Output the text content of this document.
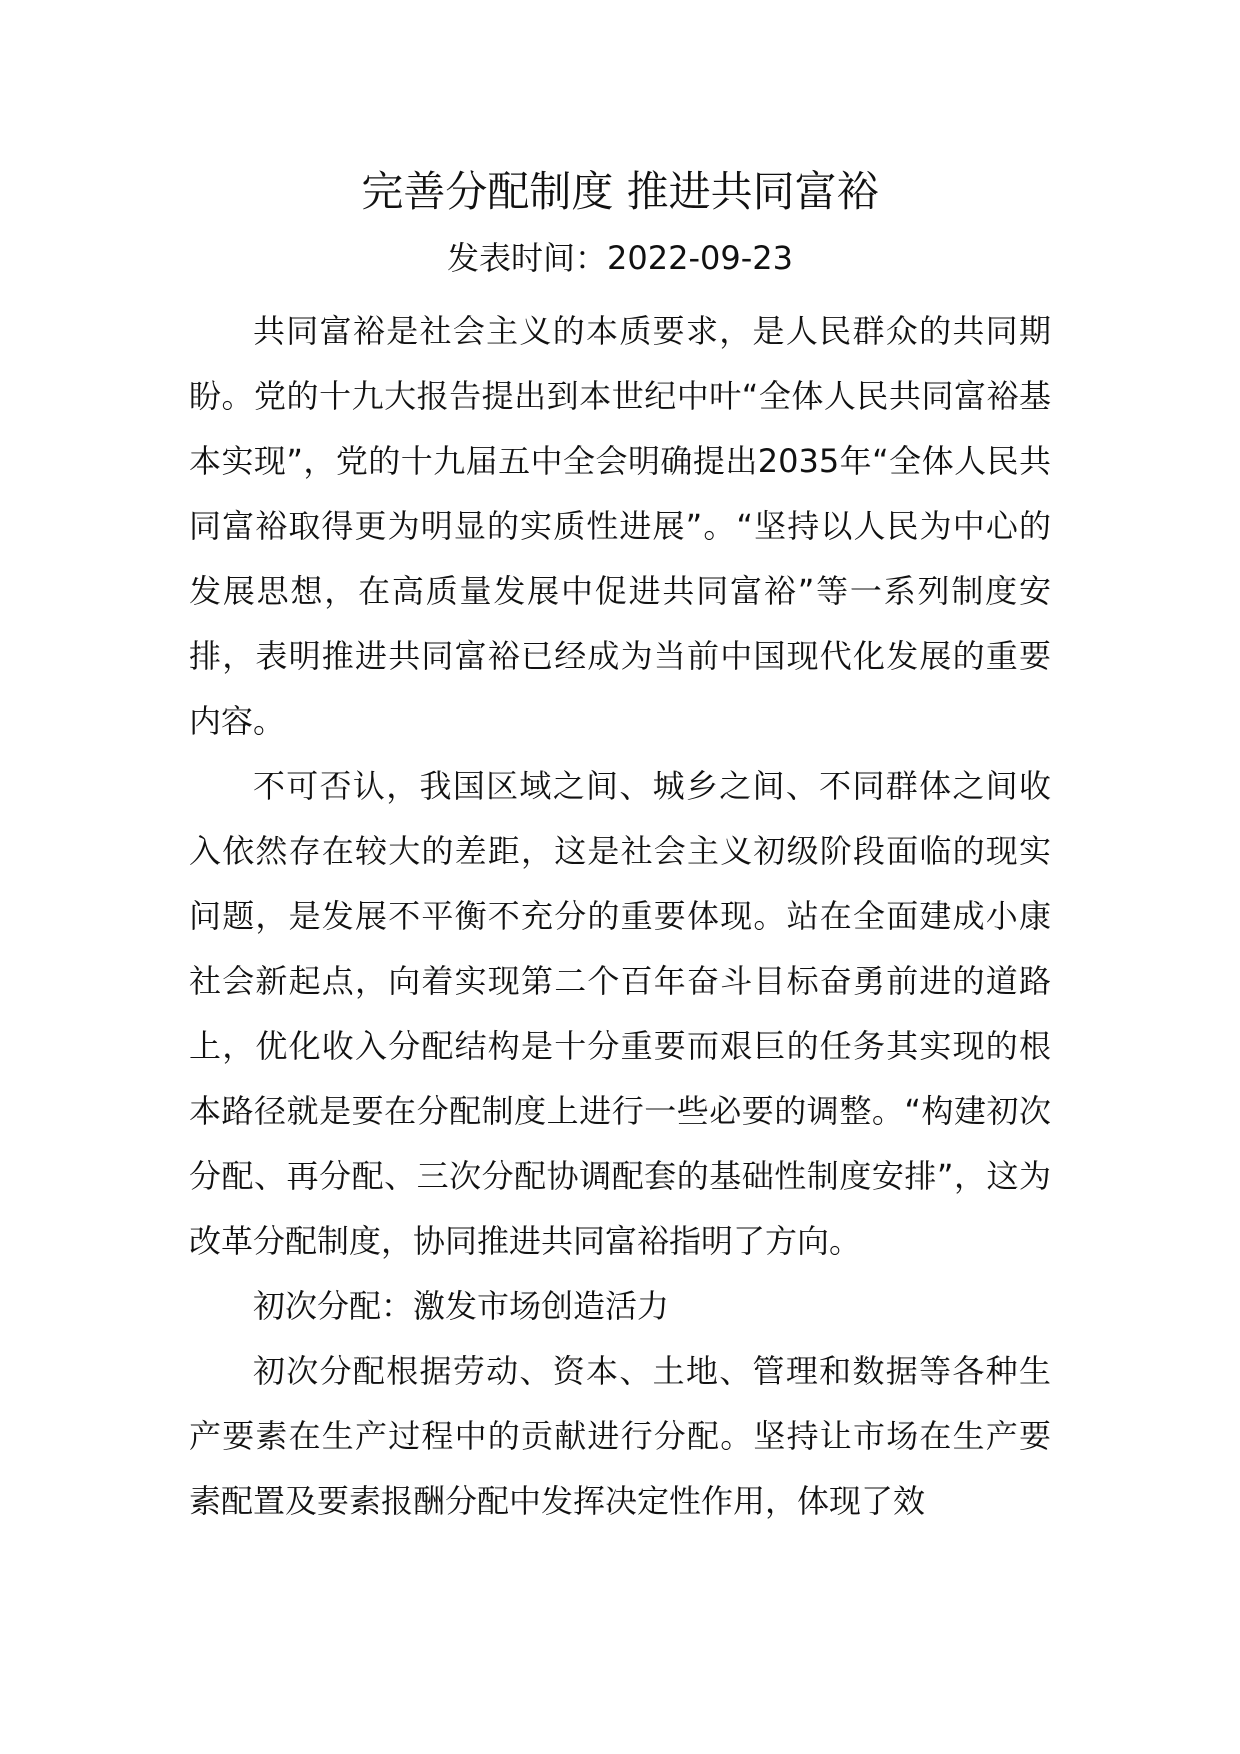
完善分配制度 推进共同富裕
发表时间：2022-09-23

共同富裕是社会主义的本质要求，是人民群众的共同期盼。党的十九大报告提出到本世纪中叶“全体人民共同富裕基本实现”，党的十九届五中全会明确提出2035年“全体人民共同富裕取得更为明显的实质性进展”。“坚持以人民为中心的发展思想，在高质量发展中促进共同富裕”等一系列制度安排，表明推进共同富裕已经成为当前中国现代化发展的重要内容。

不可否认，我国区域之间、城乡之间、不同群体之间收入依然存在较大的差距，这是社会主义初级阶段面临的现实问题，是发展不平衡不充分的重要体现。站在全面建成小康社会新起点，向着实现第二个百年奋斗目标奋勇前进的道路上，优化收入分配结构是十分重要而艰巨的任务其实现的根本路径就是要在分配制度上进行一些必要的调整。“构建初次分配、再分配、三次分配协调配套的基础性制度安排”，这为改革分配制度，协同推进共同富裕指明了方向。

初次分配：激发市场创造活力

初次分配根据劳动、资本、土地、管理和数据等各种生产要素在生产过程中的贡献进行分配。坚持让市场在生产要素配置及要素报酬分配中发挥决定性作用，体现了效
